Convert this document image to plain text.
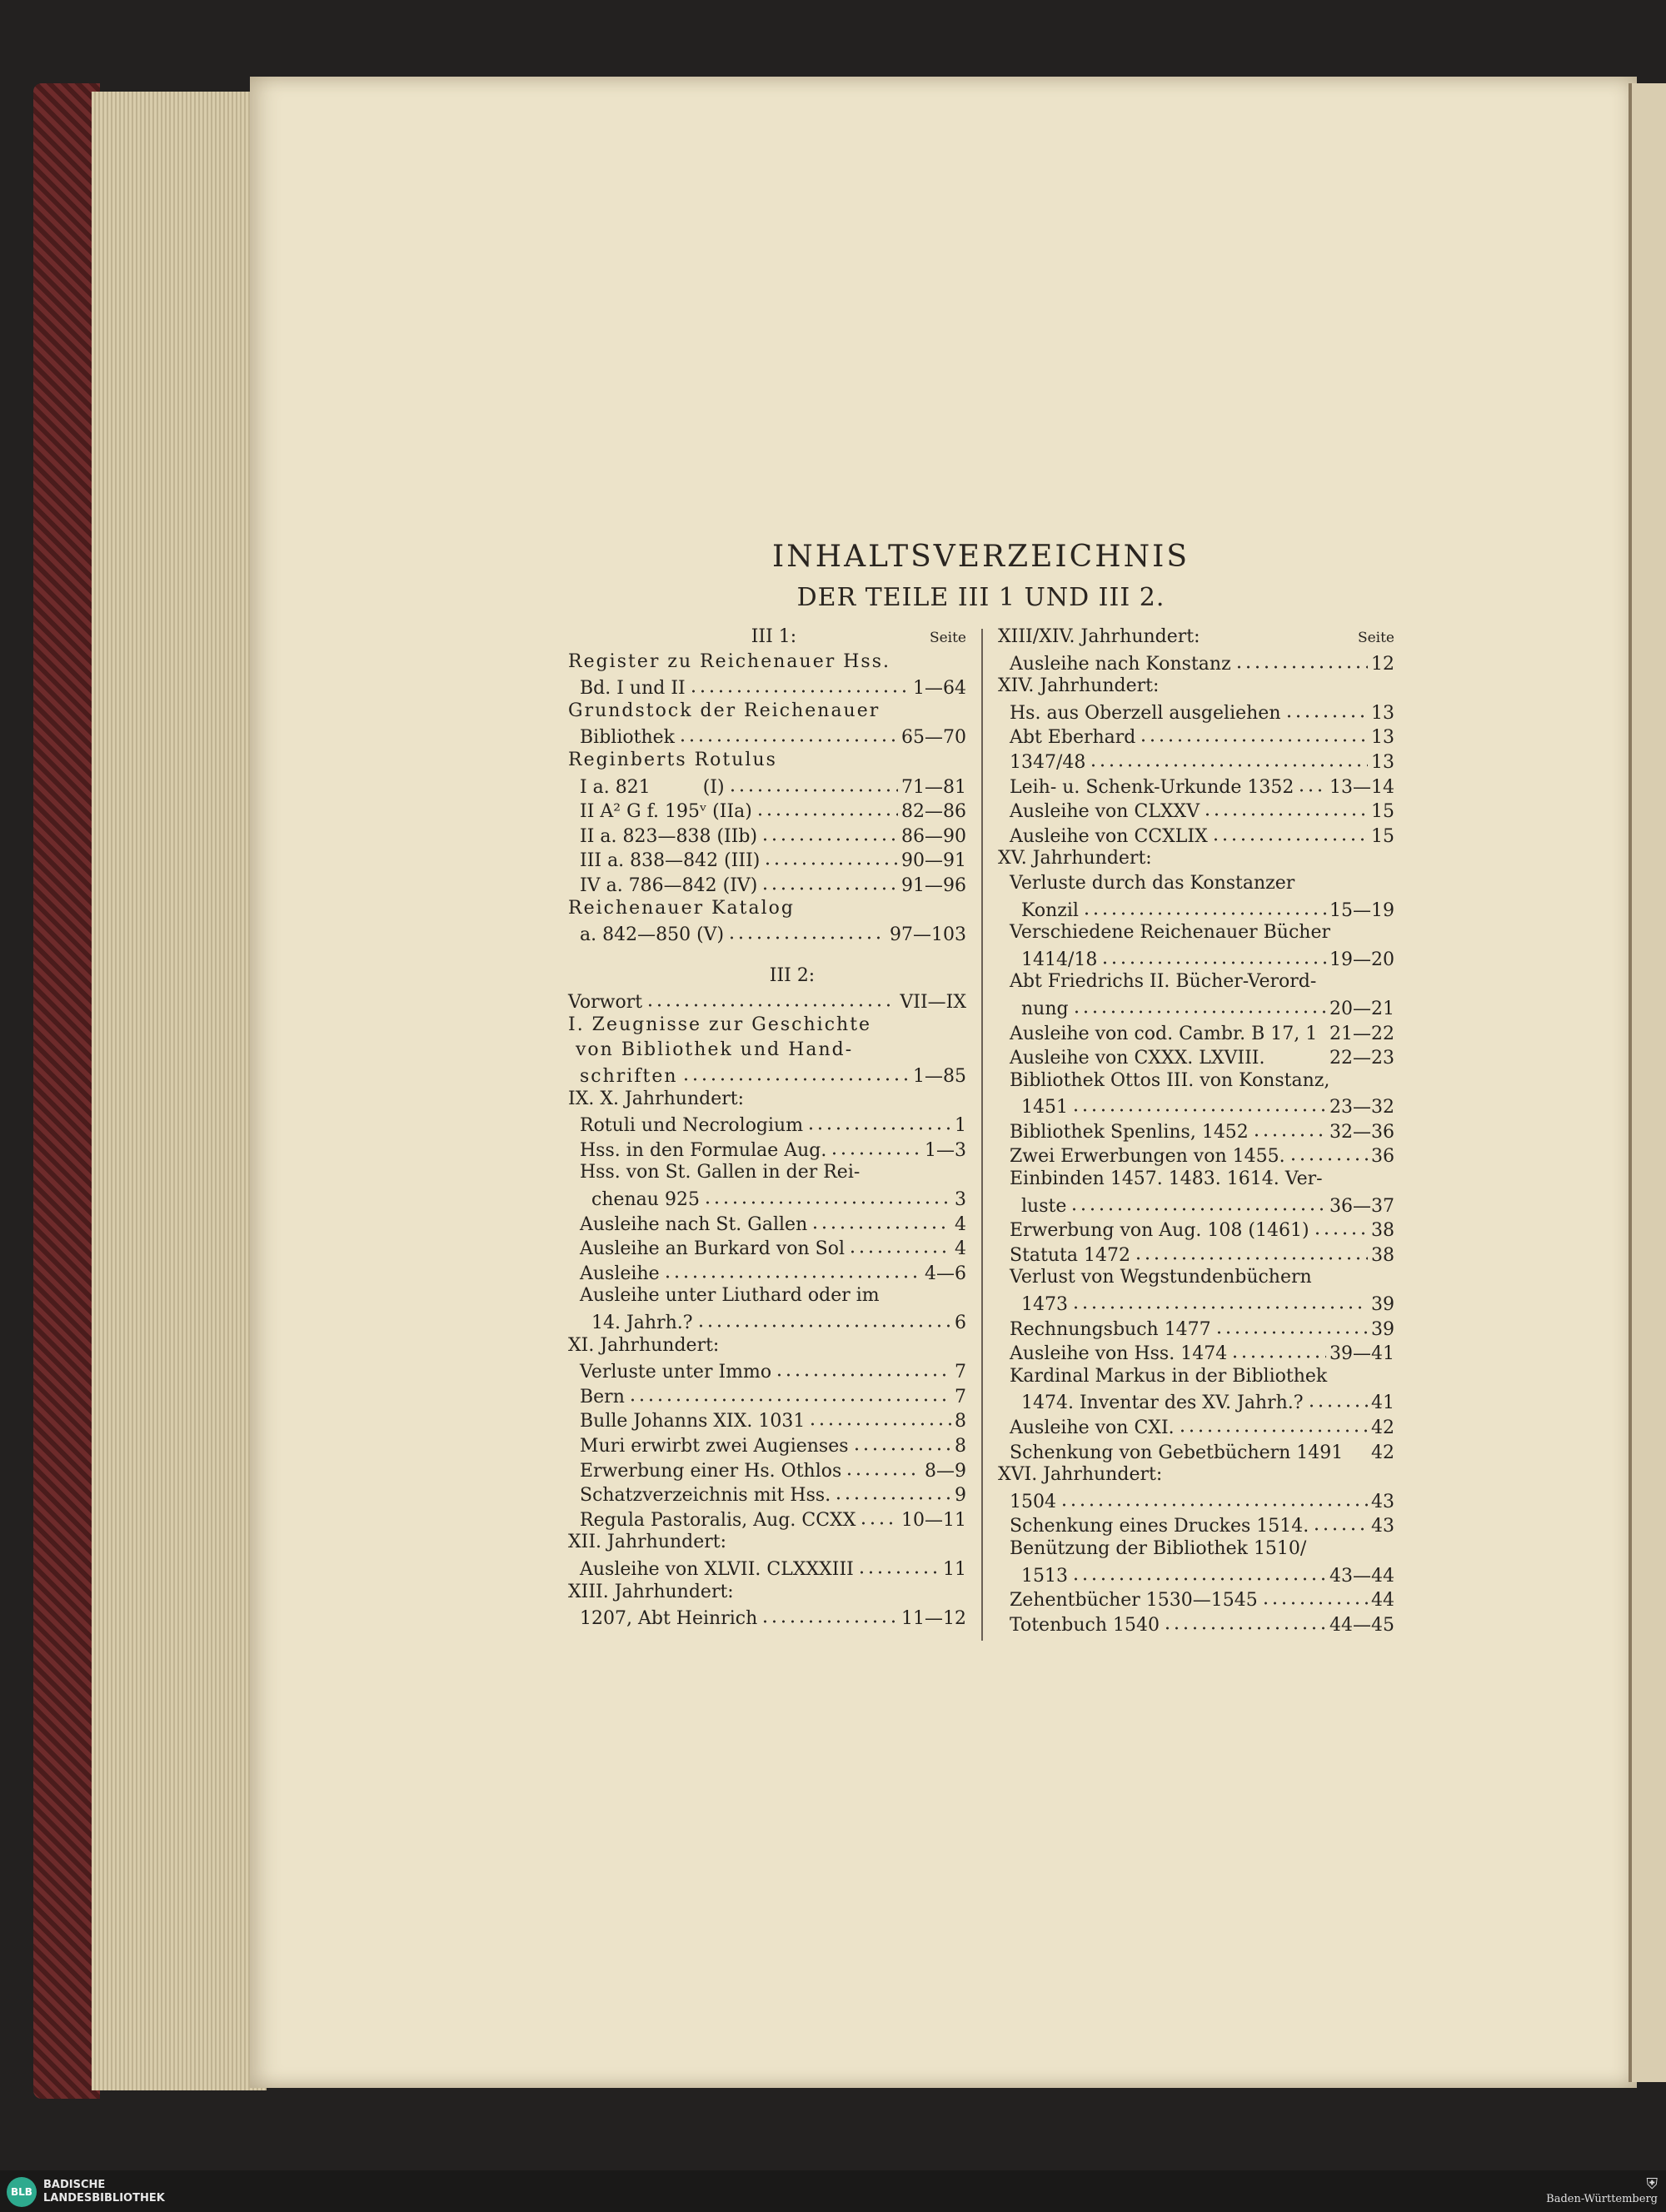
INHALTSVERZEICHNIS
DER TEILE III 1 UND III 2.
III 1:	Seite
Register zu Reichenauer Hss.
Bd. I und II	1—64
Grundstock der Reichenauer
Bibliothek	65—70
Reginberts Rotulus
I a. 821         (I)	71—81
II A² G f. 195ᵛ (IIa)	82—86
II a. 823—838 (IIb)	86—90
III a. 838—842 (III)	90—91
IV a. 786—842 (IV)	91—96
Reichenauer Katalog
a. 842—850 (V)	97—103
III 2:
Vorwort	VII—IX
I. Zeugnisse zur Geschichte
von Bibliothek und Hand-
schriften	1—85
IX. X. Jahrhundert:
Rotuli und Necrologium	1
Hss. in den Formulae Aug.	1—3
Hss. von St. Gallen in der Rei-
chenau 925	3
Ausleihe nach St. Gallen	4
Ausleihe an Burkard von Sol	4
Ausleihe	4—6
Ausleihe unter Liuthard oder im
14. Jahrh.?	6
XI. Jahrhundert:
Verluste unter Immo	7
Bern	7
Bulle Johanns XIX. 1031	8
Muri erwirbt zwei Augienses	8
Erwerbung einer Hs. Othlos	8—9
Schatzverzeichnis mit Hss.	9
Regula Pastoralis, Aug. CCXX 10—11
XII. Jahrhundert:
Ausleihe von XLVII. CLXXXIII	11
XIII. Jahrhundert:
1207, Abt Heinrich	11—12
XIII/XIV. Jahrhundert:	Seite
Ausleihe nach Konstanz	12
XIV. Jahrhundert:
Hs. aus Oberzell ausgeliehen	13
Abt Eberhard	13
1347/48	13
Leih- u. Schenk-Urkunde 1352 13—14
Ausleihe von CLXXV	15
Ausleihe von CCXLIX	15
XV. Jahrhundert:
Verluste durch das Konstanzer
Konzil	15—19
Verschiedene Reichenauer Bücher
1414/18	19—20
Abt Friedrichs II. Bücher-Verord-
nung	20—21
Ausleihe von cod. Cambr. B 17, 1 21—22
Ausleihe von CXXX. LXVIII.	22—23
Bibliothek Ottos III. von Konstanz,
1451	23—32
Bibliothek Spenlins, 1452	32—36
Zwei Erwerbungen von 1455.	36
Einbinden 1457. 1483. 1614. Ver-
luste	36—37
Erwerbung von Aug. 108 (1461)	38
Statuta 1472	38
Verlust von Wegstundenbüchern
1473	39
Rechnungsbuch 1477	39
Ausleihe von Hss. 1474	39—41
Kardinal Markus in der Bibliothek
1474. Inventar des XV. Jahrh.?	41
Ausleihe von CXI.	42
Schenkung von Gebetbüchern 1491 42
XVI. Jahrhundert:
1504	43
Schenkung eines Druckes 1514.	43
Benützung der Bibliothek 1510/
1513	43—44
Zehentbücher 1530—1545	44
Totenbuch 1540	44—45
BLB
BADISCHE
LANDESBIBLIOTHEK
⛨
Baden-Württemberg
